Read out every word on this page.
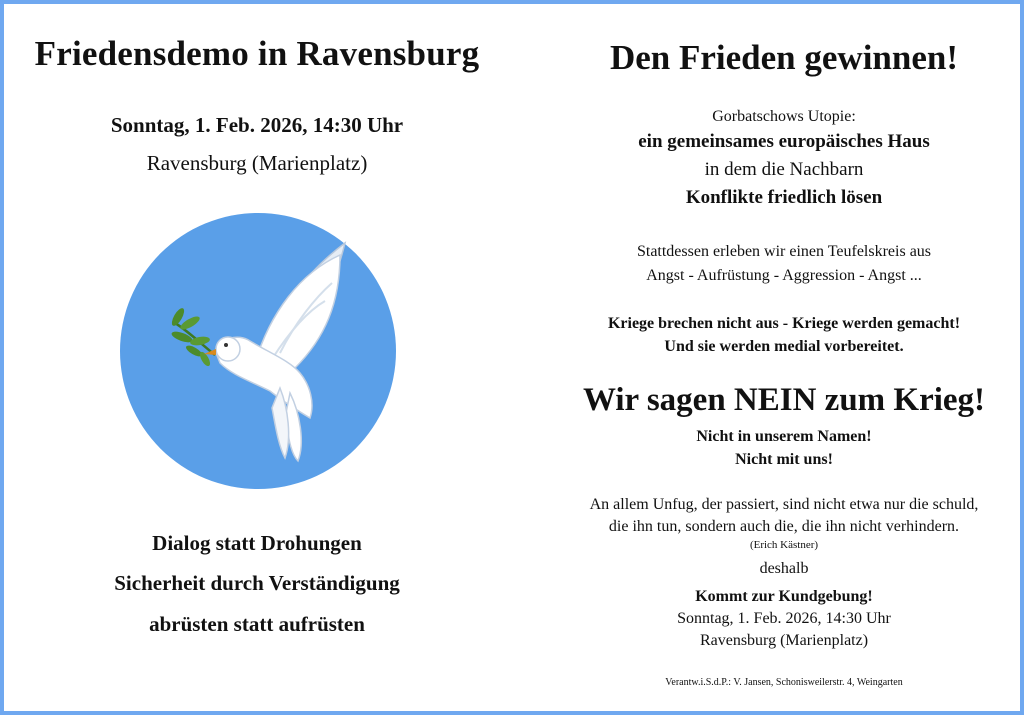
Friedensdemo in Ravensburg

Sonntag, 1. Feb. 2026, 14:30 Uhr

Ravensburg (Marienplatz)

Dialog statt Drohungen

Sicherheit durch Verständigung

abrüsten statt aufrüsten

Den Frieden gewinnen!

Gorbatschows Utopie:

ein gemeinsames europäisches Haus

in dem die Nachbarn

Konflikte friedlich lösen

Stattdessen erleben wir einen Teufelskreis aus

Angst - Aufrüstung - Aggression - Angst ...

Kriege brechen nicht aus - Kriege werden gemacht!

Und sie werden medial vorbereitet.

Wir sagen NEIN zum Krieg!

Nicht in unserem Namen!

Nicht mit uns!

An allem Unfug, der passiert, sind nicht etwa nur die schuld,

die ihn tun, sondern auch die, die ihn nicht verhindern.

(Erich Kästner)

deshalb

Kommt zur Kundgebung!

Sonntag, 1. Feb. 2026, 14:30 Uhr

Ravensburg (Marienplatz)

Verantw.i.S.d.P.: V. Jansen, Schonisweilerstr. 4, Weingarten
